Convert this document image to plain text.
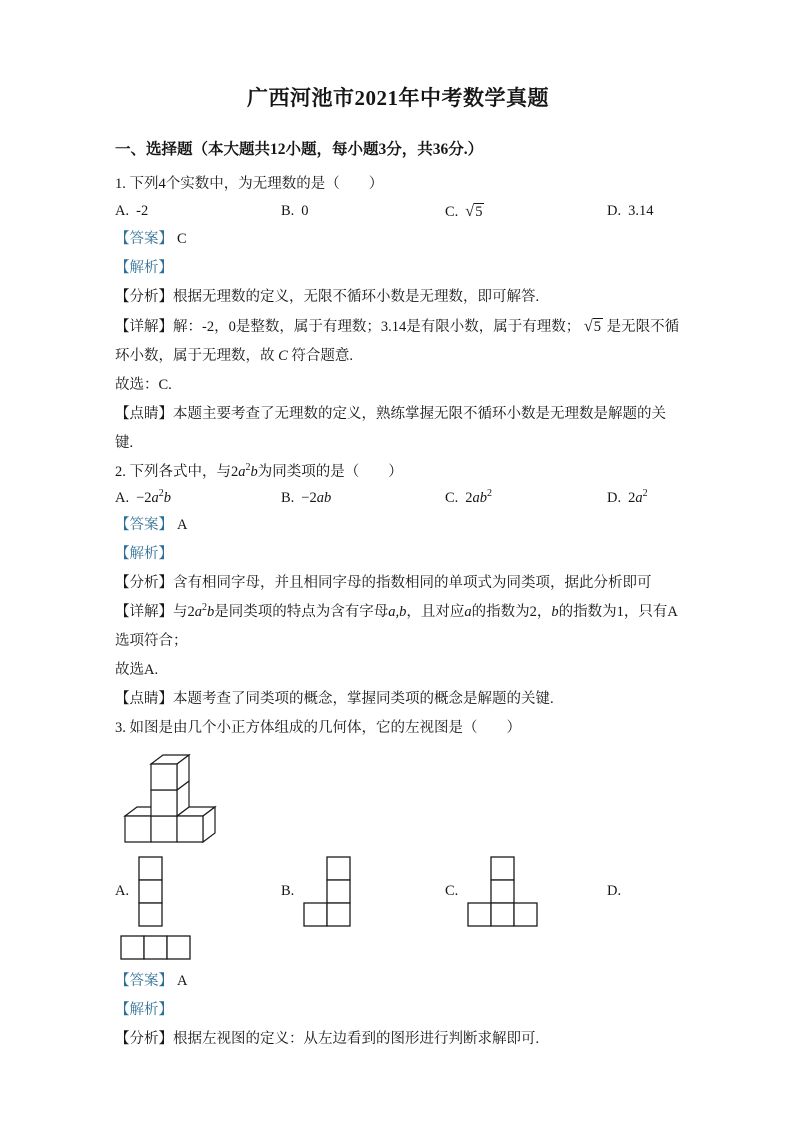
广西河池市2021年中考数学真题
一、选择题（本大题共12小题，每小题3分，共36分.）

1. 下列4个实数中，为无理数的是（　　）

A. -2	B. 0	C. √5	D. 3.14

【答案】 C

【解析】

【分析】根据无理数的定义，无限不循环小数是无理数，即可解答.

【详解】解：-2，0是整数，属于有理数；3.14是有限小数，属于有理数； √5 是无限不循环小数，属于无理数，故 C 符合题意.

故选：C.

【点睛】本题主要考查了无理数的定义，熟练掌握无限不循环小数是无理数是解题的关键.

2. 下列各式中，与$2a^2b$为同类项的是（　　）

A. $-2a^2b$	B. −2ab	C. $2ab^2$	D. $2a^2$

【答案】 A

【解析】

【分析】含有相同字母，并且相同字母的指数相同的单项式为同类项，据此分析即可

【详解】与$2a^2b$是同类项的特点为含有字母a,b，且对应a的指数为2，b的指数为1，只有A选项符合；

故选A.

【点睛】本题考查了同类项的概念，掌握同类项的概念是解题的关键.

3. 如图是由几个小正方体组成的几何体，它的左视图是（　　）

A.	B.	C.	D.

【答案】 A

【解析】

【分析】根据左视图的定义：从左边看到的图形进行判断求解即可.
